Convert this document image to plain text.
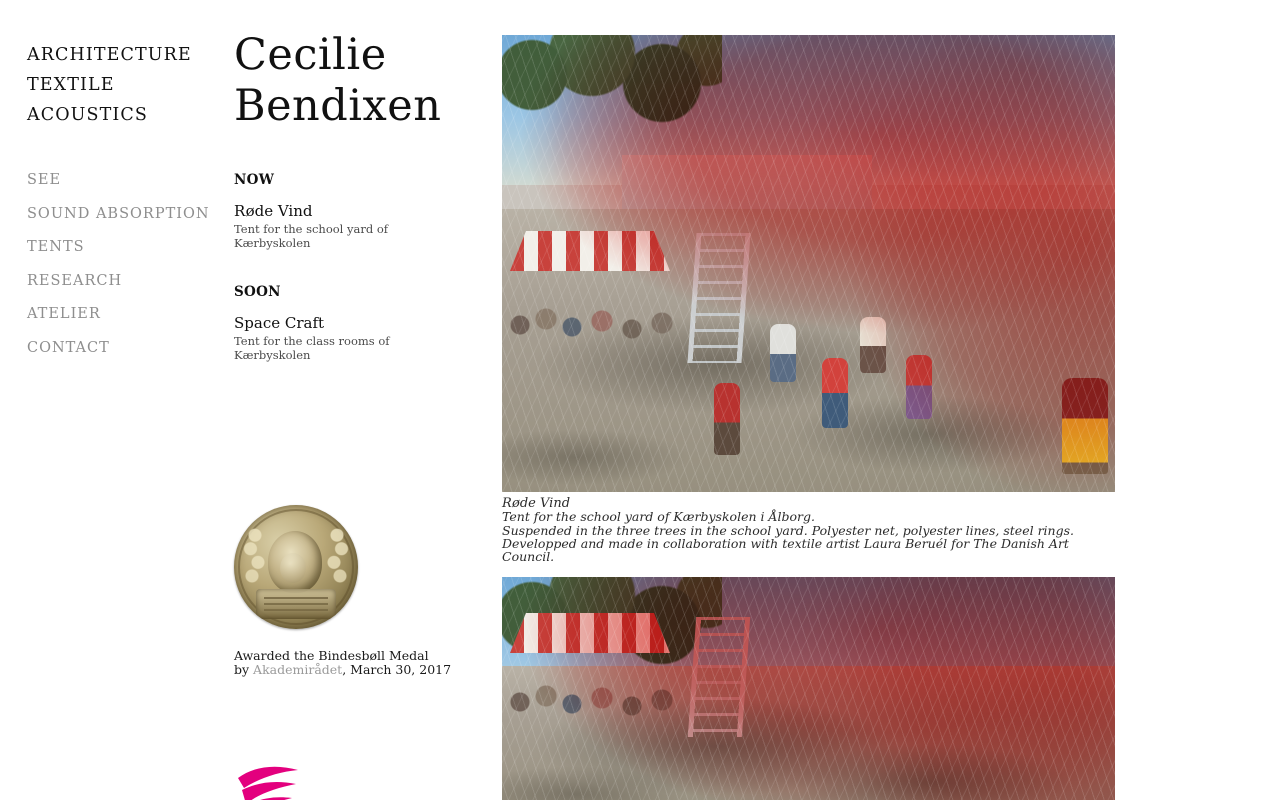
ARCHITECTURE
TEXTILE
ACOUSTICS
SEE
SOUND ABSORPTION
TENTS
RESEARCH
ATELIER
CONTACT
Cecilie
Bendixen
NOW
Røde Vind
Tent for the school yard of Kærbyskolen
SOON
Space Craft
Tent for the class rooms of Kærbyskolen
Awarded the Bindesbøll Medal
by Akademirådet, March 30, 2017
Røde Vind
Tent for the school yard of Kærbyskolen i Ålborg.
Suspended in the three trees in the school yard. Polyester net, polyester lines, steel rings.
Developped and made in collaboration with textile artist Laura Beruél for The Danish Art Council.
